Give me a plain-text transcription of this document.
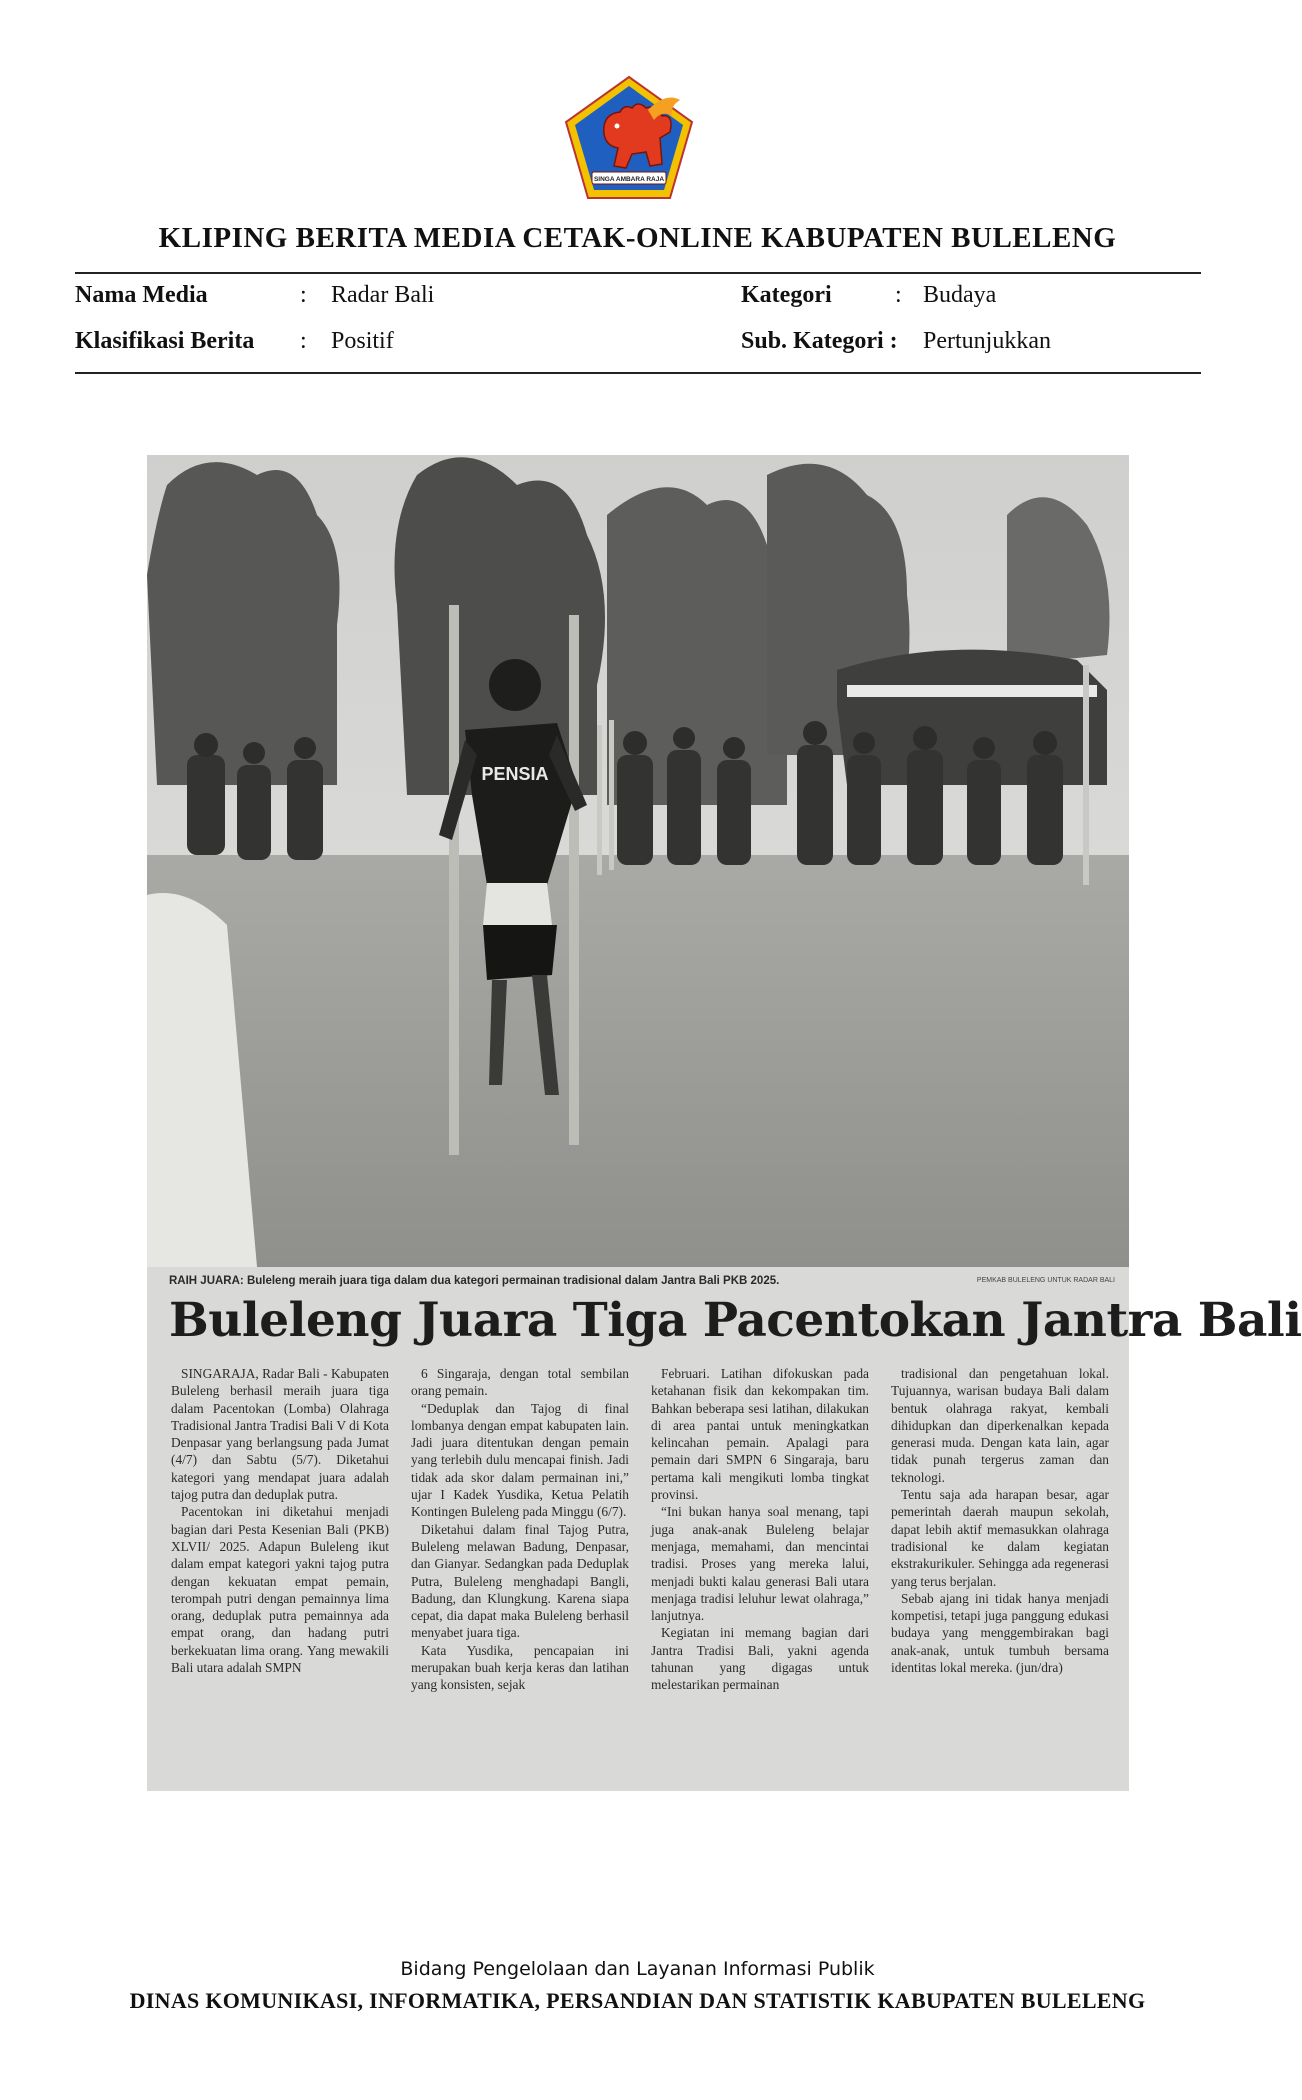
SINGA AMBARA RAJA
KLIPING BERITA MEDIA CETAK-ONLINE KABUPATEN BULELENG
Nama Media	: Radar Bali	Kategori	: Budaya
Klasifikasi Berita : Positif	Sub. Kategori : Pertunjukkan
PENSIA
RAIH JUARA: Buleleng meraih juara tiga dalam dua kategori permainan tradisional dalam Jantra Bali PKB 2025.	PEMKAB BULELENG UNTUK RADAR BALI
Buleleng Juara Tiga Pacentokan Jantra Bali

SINGARAJA, Radar Bali - Kabupaten Buleleng berhasil meraih juara tiga dalam Pacentokan (Lomba) Olahraga Tradisional Jantra Tradisi Bali V di Kota Denpasar yang berlangsung pada Jumat (4/7) dan Sabtu (5/7). Diketahui kategori yang mendapat juara adalah tajog putra dan deduplak putra.

Pacentokan ini diketahui menjadi bagian dari Pesta Kesenian Bali (PKB) XLVII/ 2025. Adapun Buleleng ikut dalam empat kategori yakni tajog putra dengan kekuatan empat pemain, terompah putri dengan pemainnya lima orang, deduplak putra pemainnya ada empat orang, dan hadang putri berkekuatan lima orang. Yang mewakili Bali utara adalah SMPN

6 Singaraja, dengan total sembilan orang pemain.

“Deduplak dan Tajog di final lombanya dengan empat kabupaten lain. Jadi juara ditentukan dengan pemain yang terlebih dulu mencapai finish. Jadi tidak ada skor dalam permainan ini,” ujar I Kadek Yusdika, Ketua Pelatih Kontingen Buleleng pada Minggu (6/7).

Diketahui dalam final Tajog Putra, Buleleng melawan Badung, Denpasar, dan Gianyar. Sedangkan pada Deduplak Putra, Buleleng menghadapi Bangli, Badung, dan Klungkung. Karena siapa cepat, dia dapat maka Buleleng berhasil menyabet juara tiga.

Kata Yusdika, pencapaian ini merupakan buah kerja keras dan latihan yang konsisten, sejak

Februari. Latihan difokuskan pada ketahanan fisik dan kekompakan tim. Bahkan beberapa sesi latihan, dilakukan di area pantai untuk meningkatkan kelincahan pemain. Apalagi para pemain dari SMPN 6 Singaraja, baru pertama kali mengikuti lomba tingkat provinsi.

“Ini bukan hanya soal menang, tapi juga anak-anak Buleleng belajar menjaga, memahami, dan mencintai tradisi. Proses yang mereka lalui, menjadi bukti kalau generasi Bali utara menjaga tradisi leluhur lewat olahraga,” lanjutnya.

Kegiatan ini memang bagian dari Jantra Tradisi Bali, yakni agenda tahunan yang digagas untuk melestarikan permainan

tradisional dan pengetahuan lokal. Tujuannya, warisan budaya Bali dalam bentuk olahraga rakyat, kembali dihidupkan dan diperkenalkan kepada generasi muda. Dengan kata lain, agar tidak punah tergerus zaman dan teknologi.

Tentu saja ada harapan besar, agar pemerintah daerah maupun sekolah, dapat lebih aktif memasukkan olahraga tradisional ke dalam kegiatan ekstrakurikuler. Sehingga ada regenerasi yang terus berjalan.

Sebab ajang ini tidak hanya menjadi kompetisi, tetapi juga panggung edukasi budaya yang menggembirakan bagi anak-anak, untuk tumbuh bersama identitas lokal mereka. (jun/dra)

Bidang Pengelolaan dan Layanan Informasi Publik
DINAS KOMUNIKASI, INFORMATIKA, PERSANDIAN DAN STATISTIK KABUPATEN BULELENG
